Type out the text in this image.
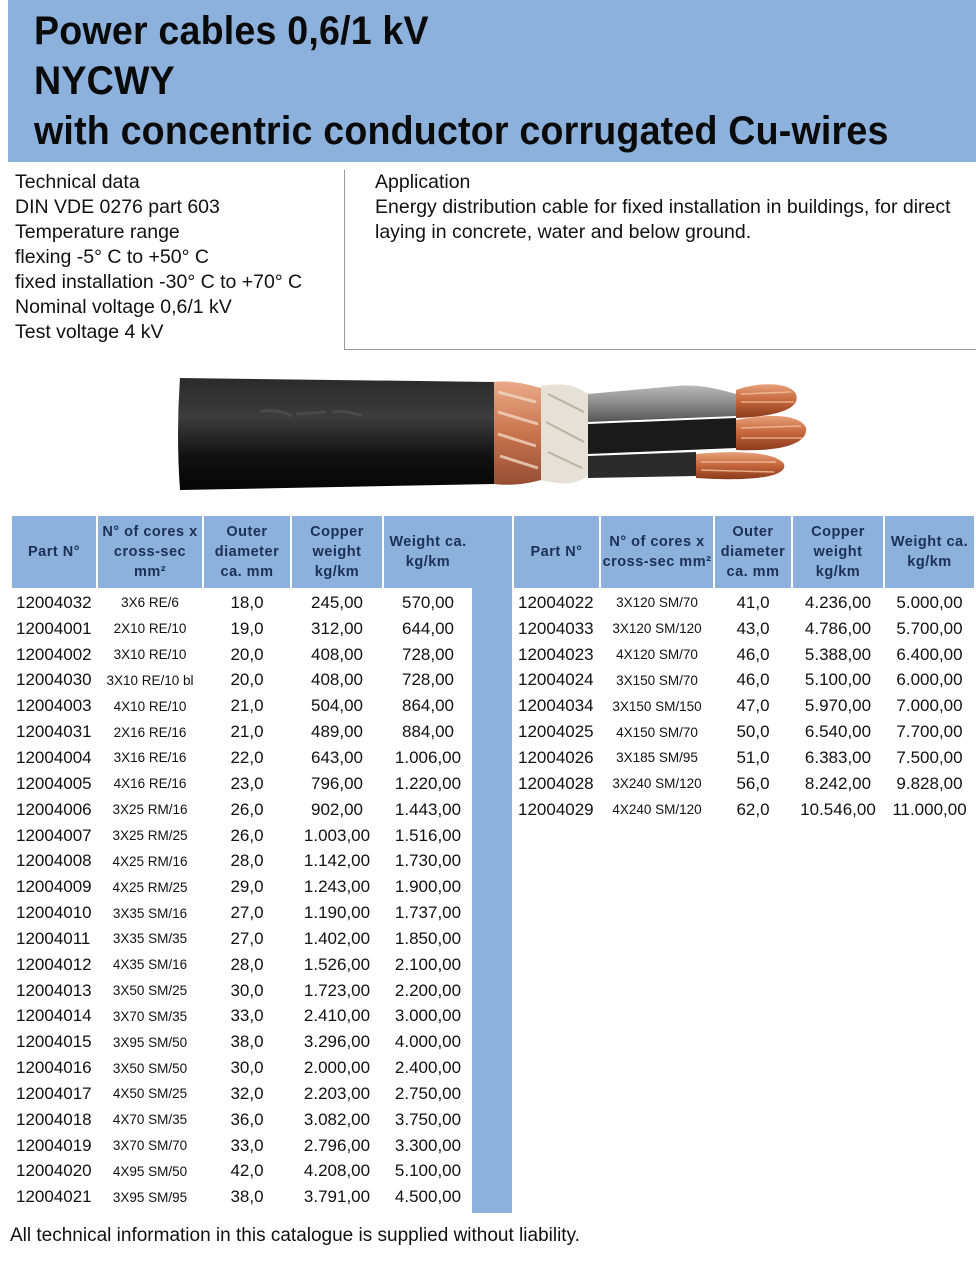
Power cables 0,6/1 kV
NYCWY
with concentric conductor corrugated Cu-wires
Technical data
DIN VDE 0276 part 603
Temperature range
flexing -5° C to +50° C
fixed installation -30° C to +70° C
Nominal voltage 0,6/1 kV
Test voltage 4 kV
Application
Energy distribution cable for fixed installation in buildings, for direct laying in concrete, water and below ground.
Part N°	N° of cores x cross-sec mm²	Outer diameter ca. mm	Copper weight kg/km	Weight ca. kg/km
12004032	3X6 RE/6	18,0	245,00	570,00
12004001	2X10 RE/10	19,0	312,00	644,00
12004002	3X10 RE/10	20,0	408,00	728,00
12004030	3X10 RE/10 bl	20,0	408,00	728,00
12004003	4X10 RE/10	21,0	504,00	864,00
12004031	2X16 RE/16	21,0	489,00	884,00
12004004	3X16 RE/16	22,0	643,00	1.006,00
12004005	4X16 RE/16	23,0	796,00	1.220,00
12004006	3X25 RM/16	26,0	902,00	1.443,00
12004007	3X25 RM/25	26,0	1.003,00	1.516,00
12004008	4X25 RM/16	28,0	1.142,00	1.730,00
12004009	4X25 RM/25	29,0	1.243,00	1.900,00
12004010	3X35 SM/16	27,0	1.190,00	1.737,00
12004011	3X35 SM/35	27,0	1.402,00	1.850,00
12004012	4X35 SM/16	28,0	1.526,00	2.100,00
12004013	3X50 SM/25	30,0	1.723,00	2.200,00
12004014	3X70 SM/35	33,0	2.410,00	3.000,00
12004015	3X95 SM/50	38,0	3.296,00	4.000,00
12004016	3X50 SM/50	30,0	2.000,00	2.400,00
12004017	4X50 SM/25	32,0	2.203,00	2.750,00
12004018	4X70 SM/35	36,0	3.082,00	3.750,00
12004019	3X70 SM/70	33,0	2.796,00	3.300,00
12004020	4X95 SM/50	42,0	4.208,00	5.100,00
12004021	3X95 SM/95	38,0	3.791,00	4.500,00
Part N°	N° of cores x cross-sec mm²	Outer diameter ca. mm	Copper weight kg/km	Weight ca. kg/km
12004022	3X120 SM/70	41,0	4.236,00	5.000,00
12004033	3X120 SM/120	43,0	4.786,00	5.700,00
12004023	4X120 SM/70	46,0	5.388,00	6.400,00
12004024	3X150 SM/70	46,0	5.100,00	6.000,00
12004034	3X150 SM/150	47,0	5.970,00	7.000,00
12004025	4X150 SM/70	50,0	6.540,00	7.700,00
12004026	3X185 SM/95	51,0	6.383,00	7.500,00
12004028	3X240 SM/120	56,0	8.242,00	9.828,00
12004029	4X240 SM/120	62,0	10.546,00	11.000,00
All technical information in this catalogue is supplied without liability.
